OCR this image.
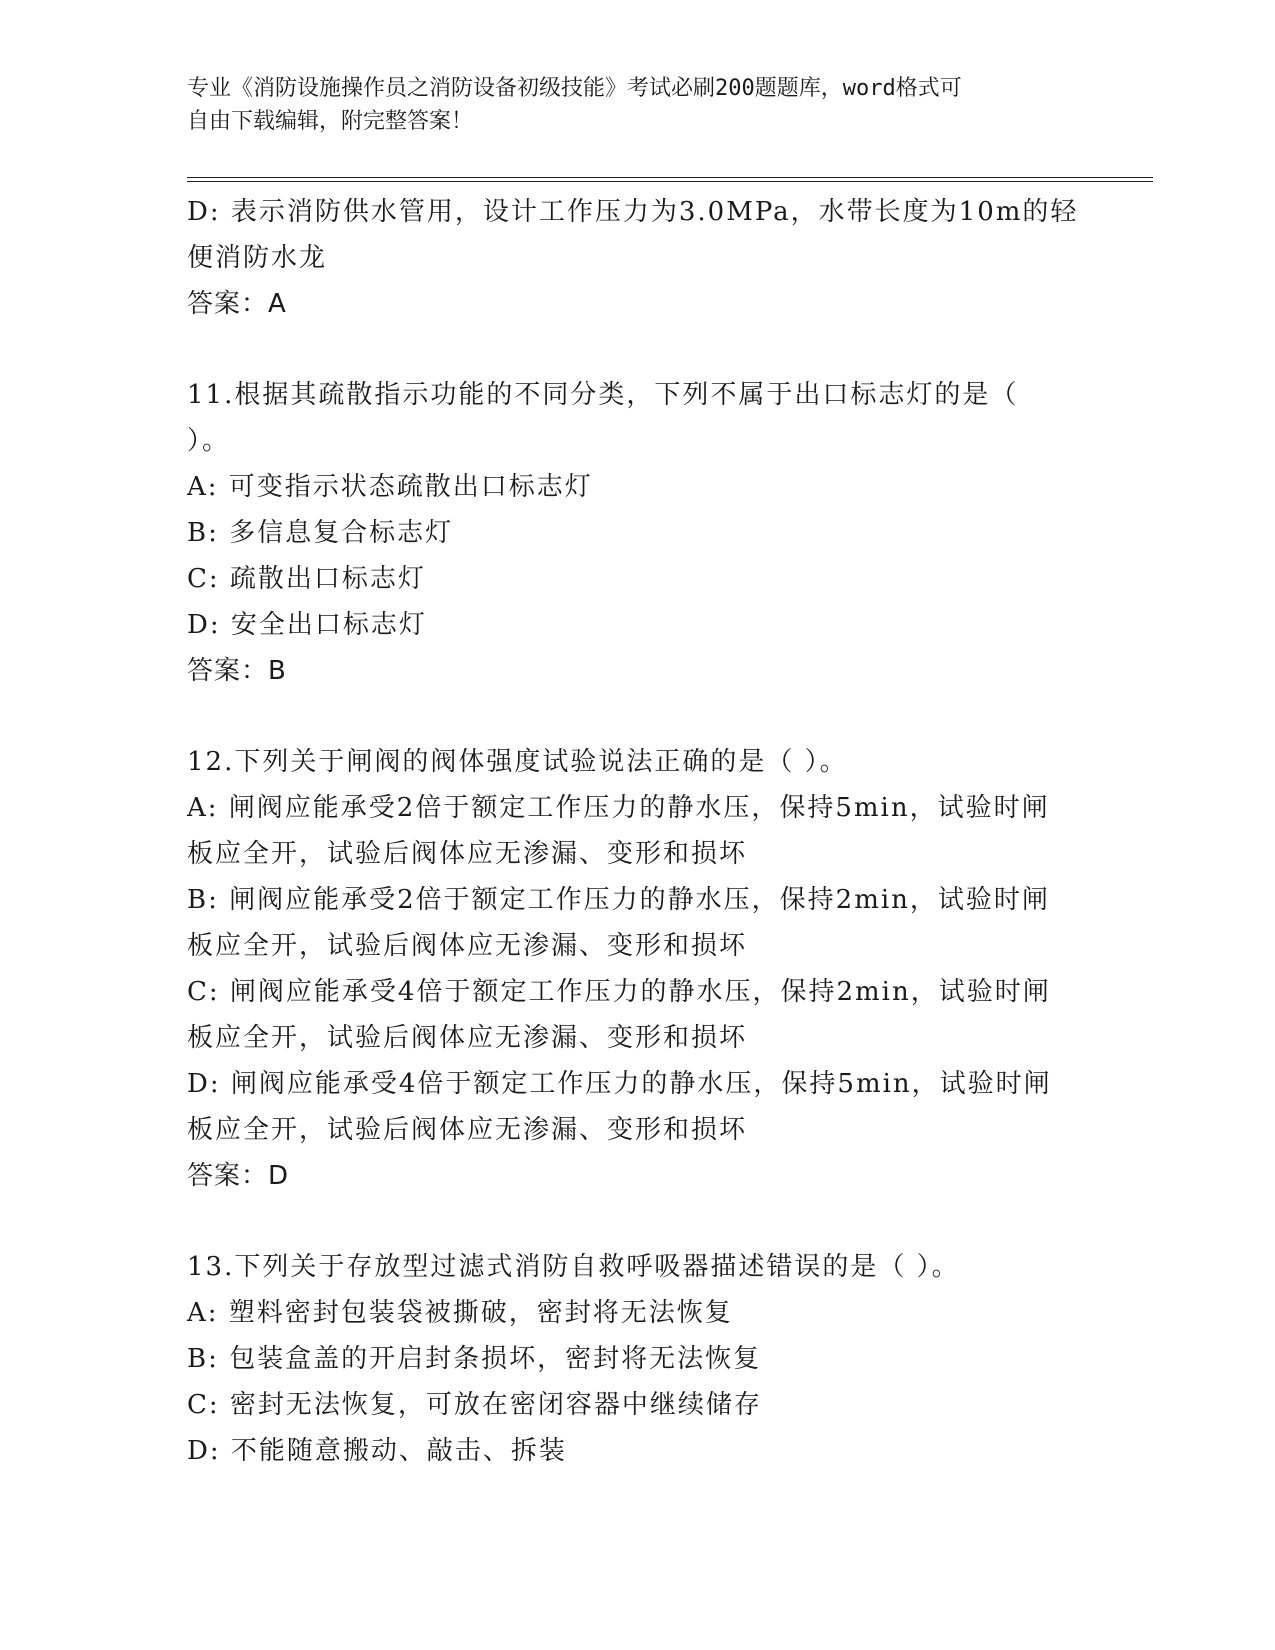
专业《消防设施操作员之消防设备初级技能》考试必刷200题题库，word格式可
自由下载编辑，附完整答案！
D: 表示消防供水管用，设计工作压力为3.0MPa，水带长度为10m的轻
便消防水龙
答案：A
11.根据其疏散指示功能的不同分类，下列不属于出口标志灯的是（
）。
A: 可变指示状态疏散出口标志灯
B: 多信息复合标志灯
C: 疏散出口标志灯
D: 安全出口标志灯
答案：B
12.下列关于闸阀的阀体强度试验说法正确的是（ ）。
A: 闸阀应能承受2倍于额定工作压力的静水压，保持5min，试验时闸
板应全开，试验后阀体应无渗漏、变形和损坏
B: 闸阀应能承受2倍于额定工作压力的静水压，保持2min，试验时闸
板应全开，试验后阀体应无渗漏、变形和损坏
C: 闸阀应能承受4倍于额定工作压力的静水压，保持2min，试验时闸
板应全开，试验后阀体应无渗漏、变形和损坏
D: 闸阀应能承受4倍于额定工作压力的静水压，保持5min，试验时闸
板应全开，试验后阀体应无渗漏、变形和损坏
答案：D
13.下列关于存放型过滤式消防自救呼吸器描述错误的是（ ）。
A: 塑料密封包装袋被撕破，密封将无法恢复
B: 包装盒盖的开启封条损坏，密封将无法恢复
C: 密封无法恢复，可放在密闭容器中继续储存
D: 不能随意搬动、敲击、拆装
